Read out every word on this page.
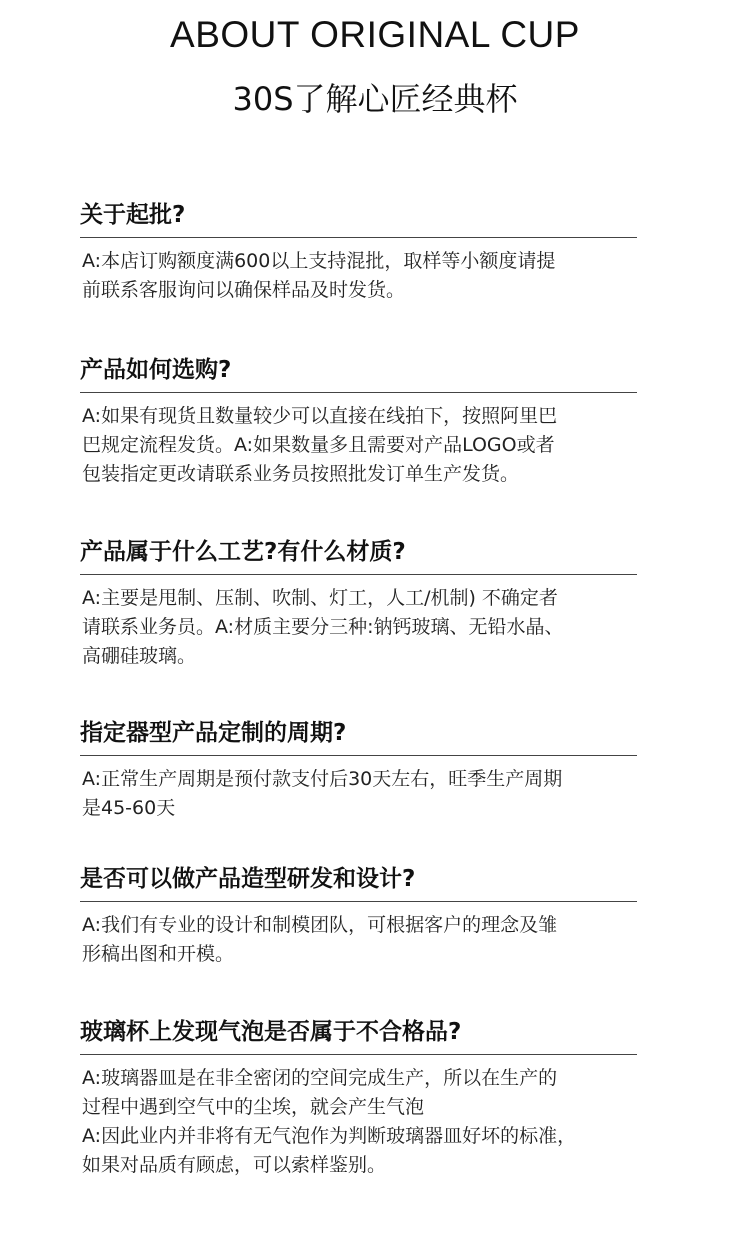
ABOUT ORIGINAL CUP
30S了解心匠经典杯
关于起批?
A:本店订购额度满600以上支持混批，取样等小额度请提
前联系客服询问以确保样品及时发货。
产品如何选购?
A:如果有现货且数量较少可以直接在线拍下，按照阿里巴
巴规定流程发货。A:如果数量多且需要对产品LOGO或者
包装指定更改请联系业务员按照批发订单生产发货。
产品属于什么工艺?有什么材质?
A:主要是甩制、压制、吹制、灯工，人工/机制) 不确定者
请联系业务员。A:材质主要分三种:钠钙玻璃、无铅水晶、
高硼硅玻璃。
指定器型产品定制的周期?
A:正常生产周期是预付款支付后30天左右，旺季生产周期
是45-60天
是否可以做产品造型研发和设计?
A:我们有专业的设计和制模团队，可根据客户的理念及雏
形稿出图和开模。
玻璃杯上发现气泡是否属于不合格品?
A:玻璃器皿是在非全密闭的空间完成生产，所以在生产的
过程中遇到空气中的尘埃，就会产生气泡
A:因此业内并非将有无气泡作为判断玻璃器皿好坏的标准，
如果对品质有顾虑，可以索样鉴别。
